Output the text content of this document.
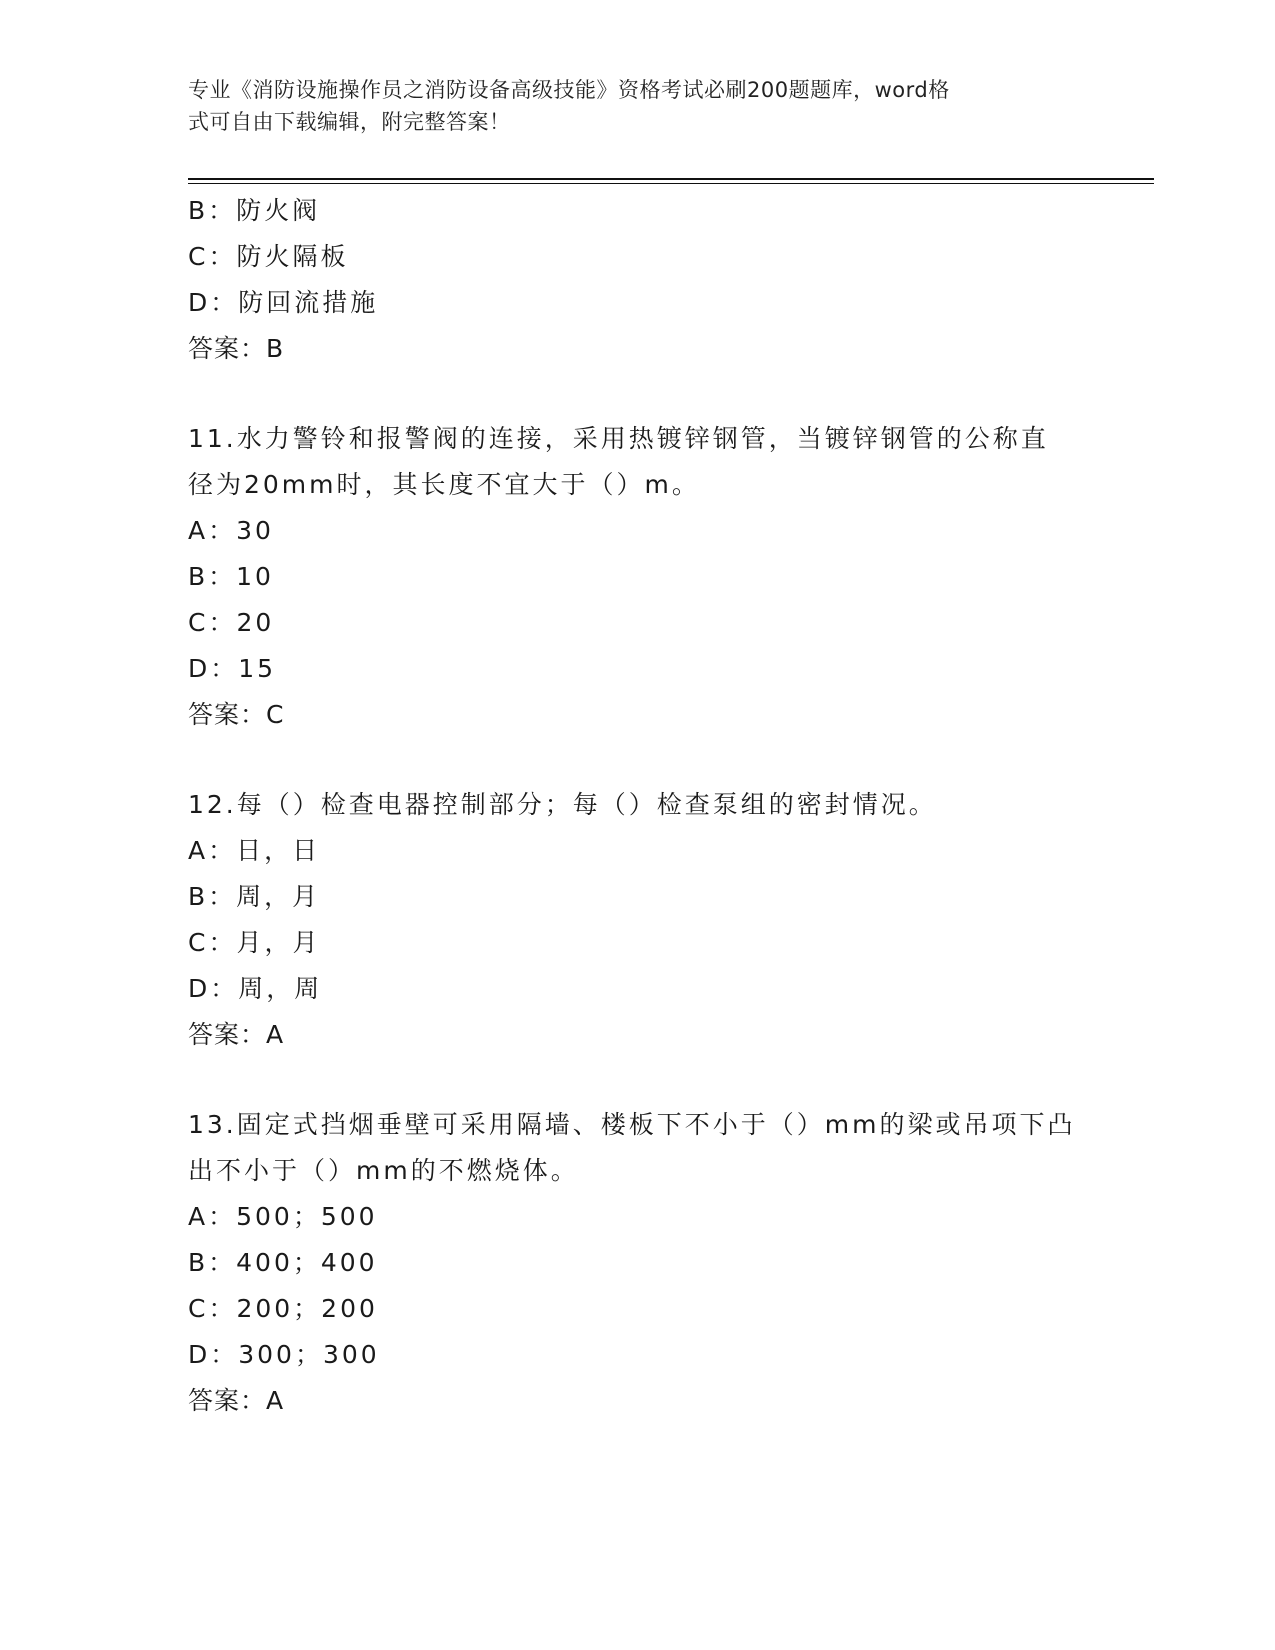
专业《消防设施操作员之消防设备高级技能》资格考试必刷200题题库，word格
式可自由下载编辑，附完整答案！
B：防火阀
C：防火隔板
D：防回流措施
答案：B
11.水力警铃和报警阀的连接，采用热镀锌钢管，当镀锌钢管的公称直
径为20mm时，其长度不宜大于（）m。
A：30
B：10
C：20
D：15
答案：C
12.每（）检查电器控制部分；每（）检查泵组的密封情况。
A：日，日
B：周，月
C：月，月
D：周，周
答案：A
13.固定式挡烟垂壁可采用隔墙、楼板下不小于（）mm的梁或吊项下凸
出不小于（）mm的不燃烧体。
A：500；500
B：400；400
C：200；200
D：300；300
答案：A
